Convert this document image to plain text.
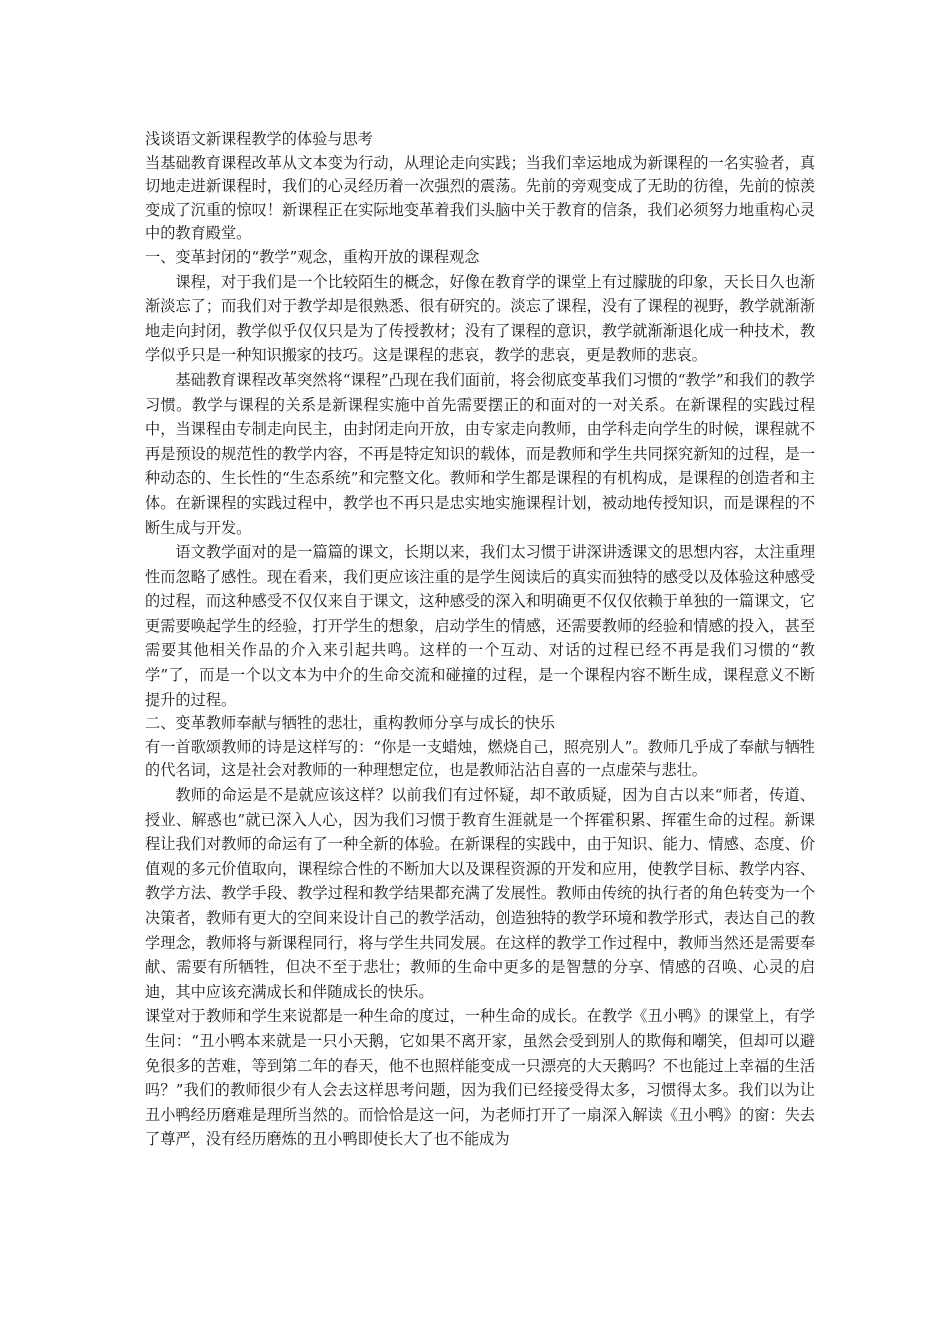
浅谈语文新课程教学的体验与思考

当基础教育课程改革从文本变为行动，从理论走向实践；当我们幸运地成为新课程的一名实验者，真切地走进新课程时，我们的心灵经历着一次强烈的震荡。先前的旁观变成了无助的彷徨，先前的惊羡变成了沉重的惊叹！新课程正在实际地变革着我们头脑中关于教育的信条，我们必须努力地重构心灵中的教育殿堂。

一、变革封闭的“教学”观念，重构开放的课程观念

课程，对于我们是一个比较陌生的概念，好像在教育学的课堂上有过朦胧的印象，天长日久也渐渐淡忘了；而我们对于教学却是很熟悉、很有研究的。淡忘了课程，没有了课程的视野，教学就渐渐地走向封闭，教学似乎仅仅只是为了传授教材；没有了课程的意识，教学就渐渐退化成一种技术，教学似乎只是一种知识搬家的技巧。这是课程的悲哀，教学的悲哀，更是教师的悲哀。

基础教育课程改革突然将“课程”凸现在我们面前，将会彻底变革我们习惯的“教学”和我们的教学习惯。教学与课程的关系是新课程实施中首先需要摆正的和面对的一对关系。在新课程的实践过程中，当课程由专制走向民主，由封闭走向开放，由专家走向教师，由学科走向学生的时候，课程就不再是预设的规范性的教学内容，不再是特定知识的载体，而是教师和学生共同探究新知的过程，是一种动态的、生长性的“生态系统”和完整文化。教师和学生都是课程的有机构成，是课程的创造者和主体。在新课程的实践过程中，教学也不再只是忠实地实施课程计划，被动地传授知识，而是课程的不断生成与开发。

语文教学面对的是一篇篇的课文，长期以来，我们太习惯于讲深讲透课文的思想内容，太注重理性而忽略了感性。现在看来，我们更应该注重的是学生阅读后的真实而独特的感受以及体验这种感受的过程，而这种感受不仅仅来自于课文，这种感受的深入和明确更不仅仅依赖于单独的一篇课文，它更需要唤起学生的经验，打开学生的想象，启动学生的情感，还需要教师的经验和情感的投入，甚至需要其他相关作品的介入来引起共鸣。这样的一个互动、对话的过程已经不再是我们习惯的“教学”了，而是一个以文本为中介的生命交流和碰撞的过程，是一个课程内容不断生成，课程意义不断提升的过程。

二、变革教师奉献与牺牲的悲壮，重构教师分享与成长的快乐

有一首歌颂教师的诗是这样写的：“你是一支蜡烛，燃烧自己，照亮别人”。教师几乎成了奉献与牺牲的代名词，这是社会对教师的一种理想定位，也是教师沾沾自喜的一点虚荣与悲壮。

教师的命运是不是就应该这样？以前我们有过怀疑，却不敢质疑，因为自古以来“师者，传道、授业、解惑也”就已深入人心，因为我们习惯于教育生涯就是一个挥霍积累、挥霍生命的过程。新课程让我们对教师的命运有了一种全新的体验。在新课程的实践中，由于知识、能力、情感、态度、价值观的多元价值取向，课程综合性的不断加大以及课程资源的开发和应用，使教学目标、教学内容、教学方法、教学手段、教学过程和教学结果都充满了发展性。教师由传统的执行者的角色转变为一个决策者，教师有更大的空间来设计自己的教学活动，创造独特的教学环境和教学形式，表达自己的教学理念，教师将与新课程同行，将与学生共同发展。在这样的教学工作过程中，教师当然还是需要奉献、需要有所牺牲，但决不至于悲壮；教师的生命中更多的是智慧的分享、情感的召唤、心灵的启迪，其中应该充满成长和伴随成长的快乐。

课堂对于教师和学生来说都是一种生命的度过，一种生命的成长。在教学《丑小鸭》的课堂上，有学生问：“丑小鸭本来就是一只小天鹅，它如果不离开家，虽然会受到别人的欺侮和嘲笑，但却可以避免很多的苦难，等到第二年的春天，他不也照样能变成一只漂亮的大天鹅吗？不也能过上幸福的生活吗？”我们的教师很少有人会去这样思考问题，因为我们已经接受得太多，习惯得太多。我们以为让丑小鸭经历磨难是理所当然的。而恰恰是这一问，为老师打开了一扇深入解读《丑小鸭》的窗：失去了尊严，没有经历磨炼的丑小鸭即使长大了也不能成为
